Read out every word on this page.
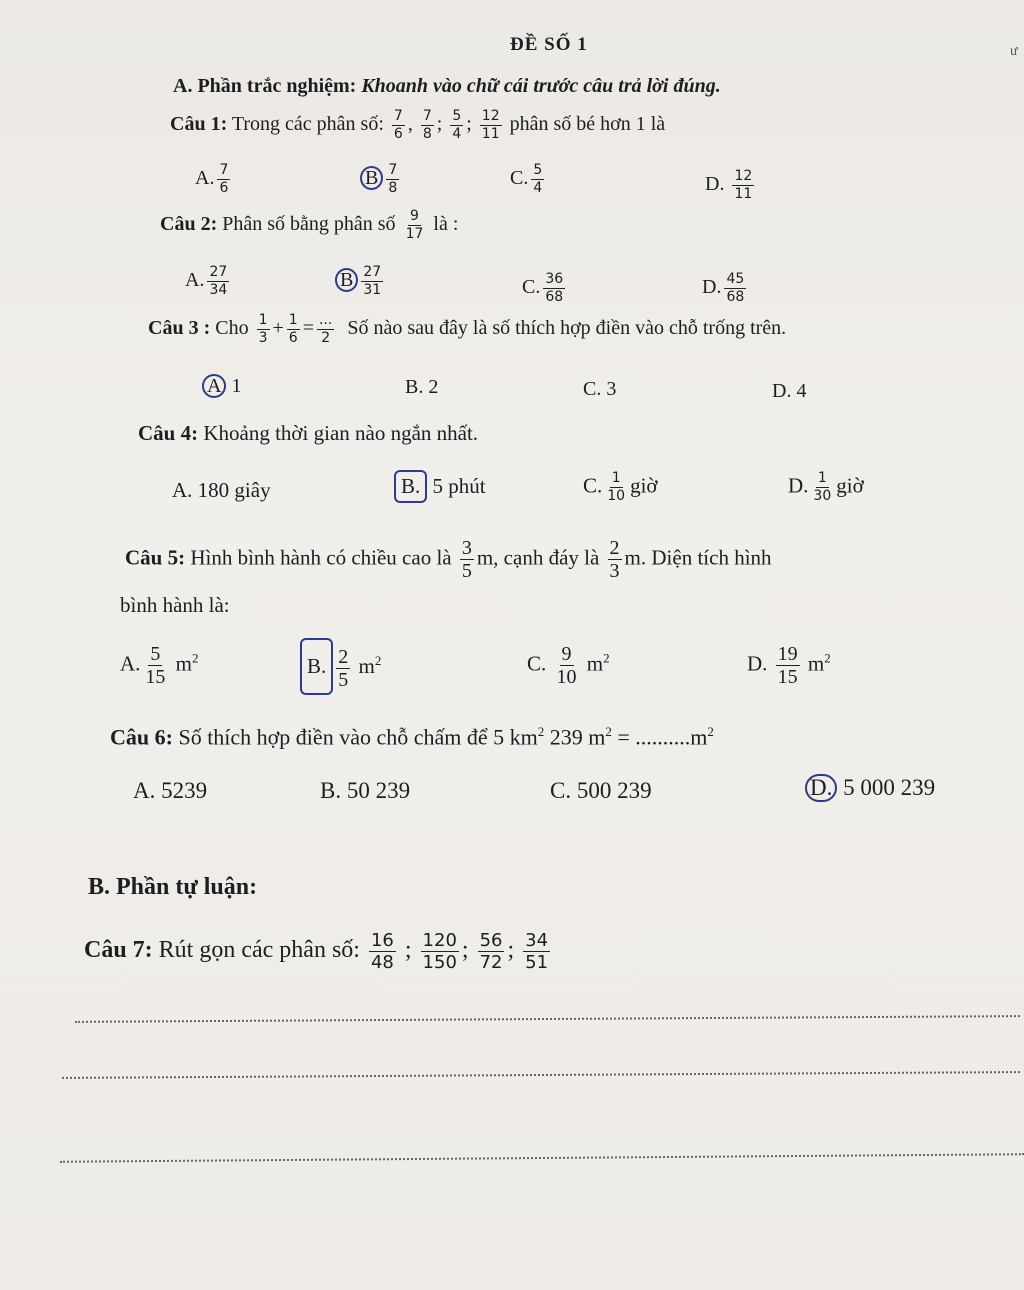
ư
ĐỀ SỐ 1
A. Phần trắc nghiệm: Khoanh vào chữ cái trước câu trả lời đúng.
Câu 1: Trong các phân số: $\frac{7}{6}$ , $\frac{7}{8}$ ; $\frac{5}{4}$ ; $\frac{12}{11}$ phân số bé hơn 1 là
A. $\frac{7}{6}$	B $\frac{7}{8}$	C. $\frac{5}{4}$	D. $\frac{12}{11}$
Câu 2: Phân số bằng phân số $\frac{9}{17}$ là :
A. $\frac{27}{34}$	B $\frac{27}{31}$	C. $\frac{36}{68}$	D. $\frac{45}{68}$
Câu 3 : Cho $\frac{1}{3} + \frac{1}{6} = \frac{...}{2}$ Số nào sau đây là số thích hợp điền vào chỗ trống trên.
A 1	B. 2	C. 3	D. 4
Câu 4: Khoảng thời gian nào ngắn nhất.
A. 180 giây	B. 5 phút	C. $\frac{1}{10}$ giờ	D. $\frac{1}{30}$ giờ
Câu 5: Hình bình hành có chiều cao là $\frac{3}{5} m$, cạnh đáy là $\frac{2}{3} m$. Diện tích hình
bình hành là:
A. $\frac{5}{15} m^2$	B. $\frac{2}{5} m^2$	C. $\frac{9}{10} m^2$	D. $\frac{19}{15} m^2$
Câu 6: Số thích hợp điền vào chỗ chấm để 5 $km^2$ 239 $m^2 = ..........m^2$
A. 5239	B. 50 239	C. 500 239	D. 5 000 239
B. Phần tự luận:
Câu 7: Rút gọn các phân số: $\frac{16}{48}$ ; $\frac{120}{150}$ ; $\frac{56}{72}$ ; $\frac{34}{51}$
